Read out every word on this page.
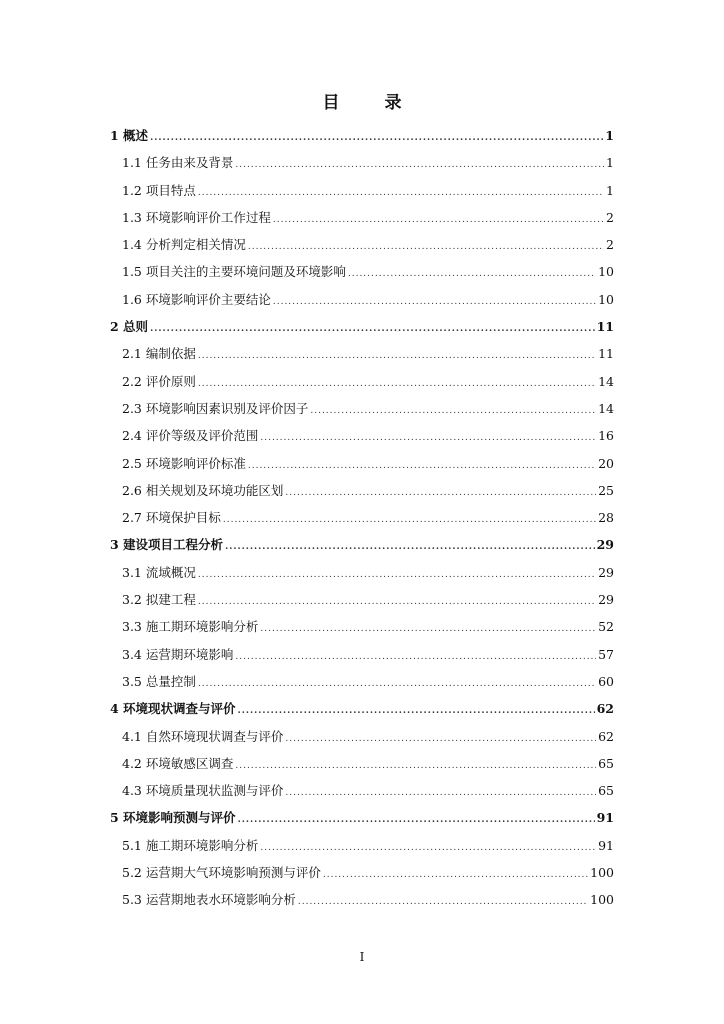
目　录
1 概述 .....	1
1.1 任务由来及背景 .....	1
1.2 项目特点 .....	1
1.3 环境影响评价工作过程 .....	2
1.4 分析判定相关情况 .....	2
1.5 项目关注的主要环境问题及环境影响 .....	10
1.6 环境影响评价主要结论 .....	10
2 总则 .....	11
2.1 编制依据 .....	11
2.2 评价原则 .....	14
2.3 环境影响因素识别及评价因子 .....	14
2.4 评价等级及评价范围 .....	16
2.5 环境影响评价标准 .....	20
2.6 相关规划及环境功能区划 .....	25
2.7 环境保护目标 .....	28
3 建设项目工程分析 .....	29
3.1 流域概况 .....	29
3.2 拟建工程 .....	29
3.3 施工期环境影响分析 .....	52
3.4 运营期环境影响 .....	57
3.5 总量控制 .....	60
4 环境现状调查与评价 .....	62
4.1 自然环境现状调查与评价 .....	62
4.2 环境敏感区调查 .....	65
4.3 环境质量现状监测与评价 .....	65
5 环境影响预测与评价 .....	91
5.1 施工期环境影响分析 .....	91
5.2 运营期大气环境影响预测与评价 .....	100
5.3 运营期地表水环境影响分析 .....	100
I
